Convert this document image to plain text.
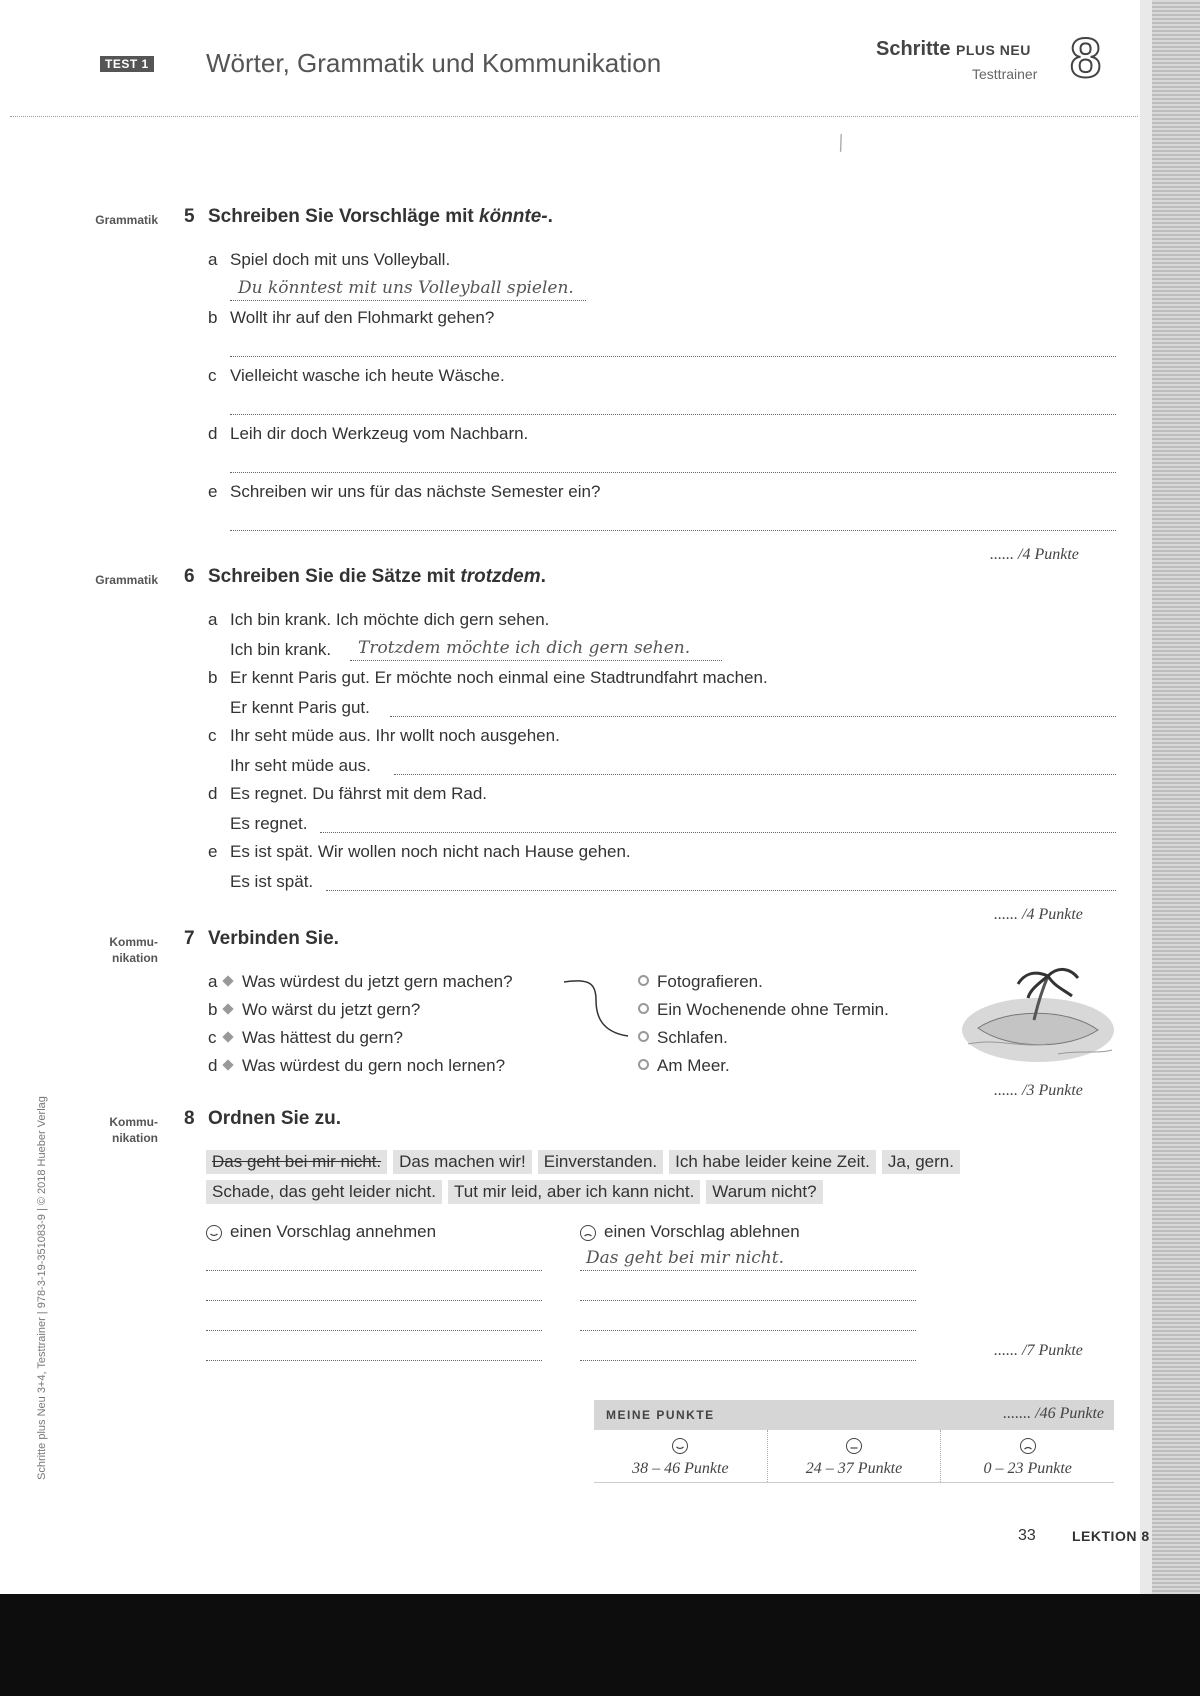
TEST 1 Wörter, Grammatik und Kommunikation	Schritte PLUS NEU
Testtrainer 8
⁄
Grammatik 5 Schreiben Sie Vorschläge mit könnte-.
a Spiel doch mit uns Volleyball.
Du könntest mit uns Volleyball spielen.
b Wollt ihr auf den Flohmarkt gehen?
c Vielleicht wasche ich heute Wäsche.
d Leih dir doch Werkzeug vom Nachbarn.
e Schreiben wir uns für das nächste Semester ein?
...... /4 Punkte
Grammatik 6 Schreiben Sie die Sätze mit trotzdem.
a Ich bin krank. Ich möchte dich gern sehen.
Ich bin krank. Trotzdem möchte ich dich gern sehen.
b Er kennt Paris gut. Er möchte noch einmal eine Stadtrundfahrt machen.
Er kennt Paris gut.
c Ihr seht müde aus. Ihr wollt noch ausgehen.
Ihr seht müde aus.
d Es regnet. Du fährst mit dem Rad.
Es regnet.
e Es ist spät. Wir wollen noch nicht nach Hause gehen.
Es ist spät.
...... /4 Punkte
Kommu-
nikation
7 Verbinden Sie.
a Was würdest du jetzt gern machen?
b Wo wärst du jetzt gern?
c Was hättest du gern?
d Was würdest du gern noch lernen?
Fotografieren.
Ein Wochenende ohne Termin.
Schlafen.
Am Meer.
...... /3 Punkte
Kommu-
nikation
8 Ordnen Sie zu.
Das geht bei mir nicht. Das machen wir! Einverstanden. Ich habe leider keine Zeit. Ja, gern.
Schade, das geht leider nicht. Tut mir leid, aber ich kann nicht. Warum nicht?
einen Vorschlag annehmen	einen Vorschlag ablehnen
Das geht bei mir nicht.
...... /7 Punkte
MEINE PUNKTE	....... /46 Punkte
38 – 46 Punkte	24 – 37 Punkte	0 – 23 Punkte
33	LEKTION 8
Schritte plus Neu 3+4, Testtrainer | 978-3-19-351083-9 | © 2018 Hueber Verlag
